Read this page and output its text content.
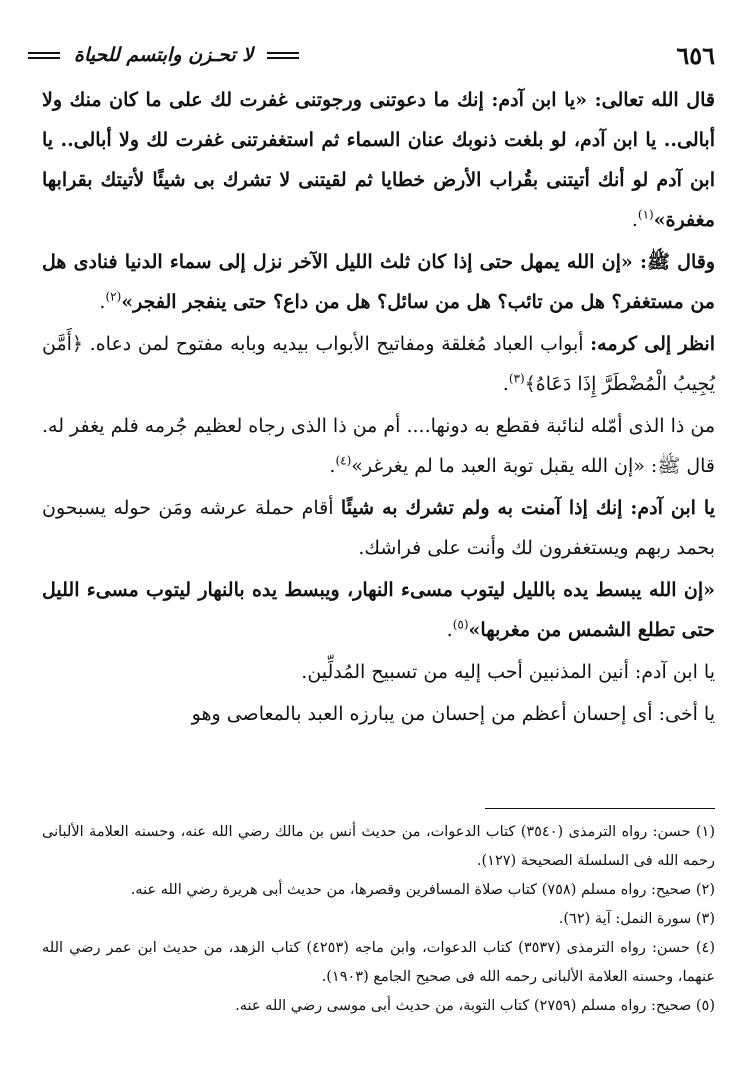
٦٥٦
لا تحـزن وابتسم للحياة

قال الله تعالى: «يا ابن آدم: إنك ما دعوتنى ورجوتنى غفرت لك على ما كان منك ولا أبالى.. يا ابن آدم، لو بلغت ذنوبك عنان السماء ثم استغفرتنى غفرت لك ولا أبالى.. يا ابن آدم لو أنك أتيتنى بقُراب الأرض خطايا ثم لقيتنى لا تشرك بى شيئًا لأتيتك بقرابها مغفرة»$^{(١)}$.

وقال ﷺ: «إن الله يمهل حتى إذا كان ثلث الليل الآخر نزل إلى سماء الدنيا فنادى هل من مستغفر؟ هل من تائب؟ هل من سائل؟ هل من داع؟ حتى ينفجر الفجر»$^{(٢)}$.

انظر إلى كرمه: أبواب العباد مُغلقة ومفاتيح الأبواب بيديه وبابه مفتوح لمن دعاه. ﴿أَمَّن يُجِيبُ الْمُضْطَرَّ إِذَا دَعَاهُ﴾$^{(٣)}$.

من ذا الذى أمّله لنائبة فقطع به دونها.... أم من ذا الذى رجاه لعظيم جُرمه فلم يغفر له. قال ﷺ: «إن الله يقبل توبة العبد ما لم يغرغر»$^{(٤)}$.

يا ابن آدم: إنك إذا آمنت به ولم تشرك به شيئًا أقام حملة عرشه ومَن حوله يسبحون بحمد ربهم ويستغفرون لك وأنت على فراشك.

«إن الله يبسط يده بالليل ليتوب مسىء النهار، ويبسط يده بالنهار ليتوب مسىء الليل حتى تطلع الشمس من مغربها»$^{(٥)}$.

يا ابن آدم: أنين المذنبين أحب إليه من تسبيح المُدلِّين.

يا أخى: أى إحسان أعظم من إحسان من يبارزه العبد بالمعاصى وهو

(١) حسن: رواه الترمذى (٣٥٤٠) كتاب الدعوات، من حديث أنس بن مالك رضي الله عنه، وحسنه العلامة الألبانى رحمه الله فى السلسلة الصحيحة (١٢٧).

(٢) صحيح: رواه مسلم (٧٥٨) كتاب صلاة المسافرين وقصرها، من حديث أبى هريرة رضي الله عنه.

(٣) سورة النمل: آية (٦٢).

(٤) حسن: رواه الترمذى (٣٥٣٧) كتاب الدعوات، وابن ماجه (٤٢٥٣) كتاب الزهد، من حديث ابن عمر رضي الله عنهما، وحسنه العلامة الألبانى رحمه الله فى صحيح الجامع (١٩٠٣).

(٥) صحيح: رواه مسلم (٢٧٥٩) كتاب التوبة، من حديث أبى موسى رضي الله عنه.
